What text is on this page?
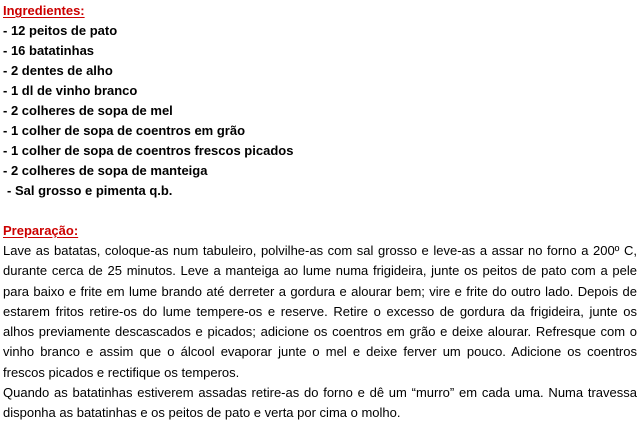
Ingredientes:
- 12 peitos de pato
- 16 batatinhas
- 2 dentes de alho
- 1 dl de vinho branco
- 2 colheres de sopa de mel
- 1 colher de sopa de coentros em grão
- 1 colher de sopa de coentros frescos picados
- 2 colheres de sopa de manteiga
- Sal grosso e pimenta q.b.
Preparação:

Lave as batatas, coloque-as num tabuleiro, polvilhe-as com sal grosso e leve-as a assar no forno a 200º C, durante cerca de 25 minutos. Leve a manteiga ao lume numa frigideira, junte os peitos de pato com a pele para baixo e frite em lume brando até derreter a gordura e alourar bem; vire e frite do outro lado. Depois de estarem fritos retire-os do lume tempere-os e reserve. Retire o excesso de gordura da frigideira, junte os alhos previamente descascados e picados; adicione os coentros em grão e deixe alourar. Refresque com o vinho branco e assim que o álcool evaporar junte o mel e deixe ferver um pouco. Adicione os coentros frescos picados e rectifique os temperos.

Quando as batatinhas estiverem assadas retire-as do forno e dê um “murro” em cada uma. Numa travessa disponha as batatinhas e os peitos de pato e verta por cima o molho.
